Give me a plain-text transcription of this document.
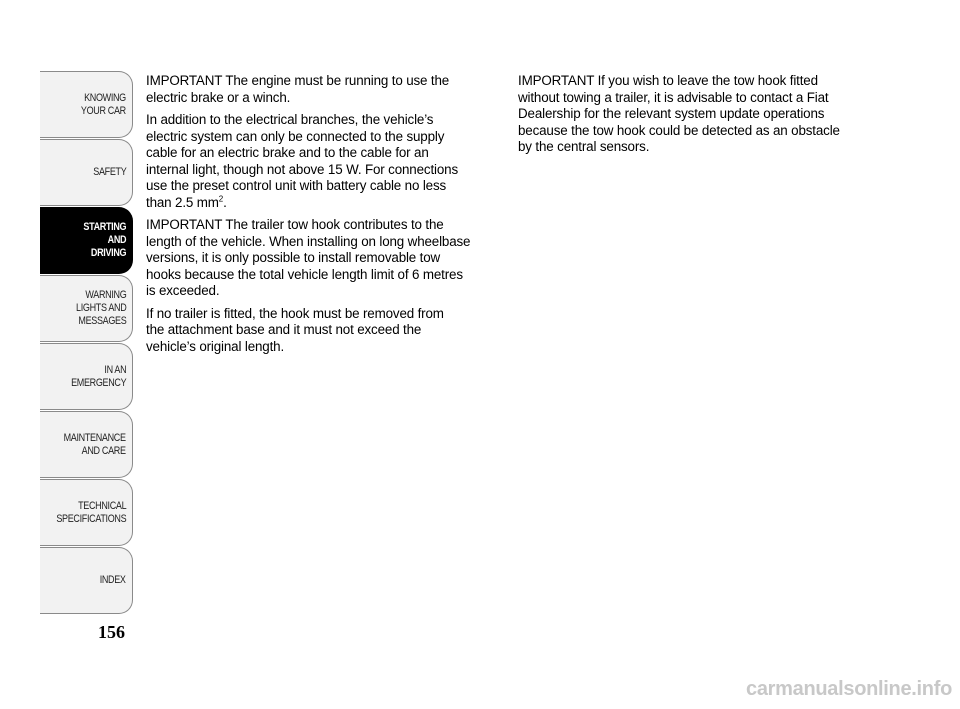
KNOWING
YOUR CAR
SAFETY
STARTING
AND
DRIVING
WARNING
LIGHTS AND
MESSAGES
IN AN
EMERGENCY
MAINTENANCE
AND CARE
TECHNICAL
SPECIFICATIONS
INDEX
156

IMPORTANT The engine must be running to use the
electric brake or a winch.

In addition to the electrical branches, the vehicle’s
electric system can only be connected to the supply
cable for an electric brake and to the cable for an
internal light, though not above 15 W. For connections
use the preset control unit with battery cable no less
than 2.5 $mm^2$.

IMPORTANT The trailer tow hook contributes to the
length of the vehicle. When installing on long wheelbase
versions, it is only possible to install removable tow
hooks because the total vehicle length limit of 6 metres
is exceeded.

If no trailer is fitted, the hook must be removed from
the attachment base and it must not exceed the
vehicle’s original length.

IMPORTANT If you wish to leave the tow hook fitted
without towing a trailer, it is advisable to contact a Fiat
Dealership for the relevant system update operations
because the tow hook could be detected as an obstacle
by the central sensors.

carmanualsonline.info
